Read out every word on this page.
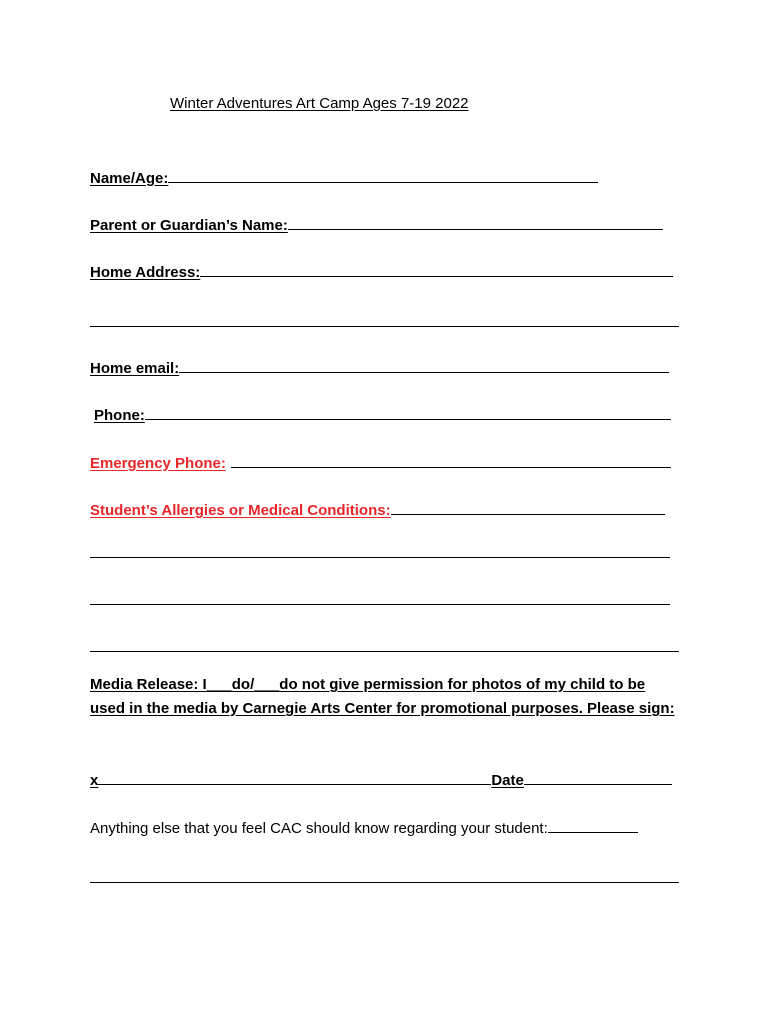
Winter Adventures Art Camp Ages 7-19 2022
Name/Age:
Parent or Guardian’s Name:
Home Address:
Home email:
Phone:
Emergency Phone:
Student’s Allergies or Medical Conditions:
Media Release: I___do/___do not give permission for photos of my child to be used in the media by Carnegie Arts Center for promotional purposes. Please sign:
x	Date
Anything else that you feel CAC should know regarding your student:
